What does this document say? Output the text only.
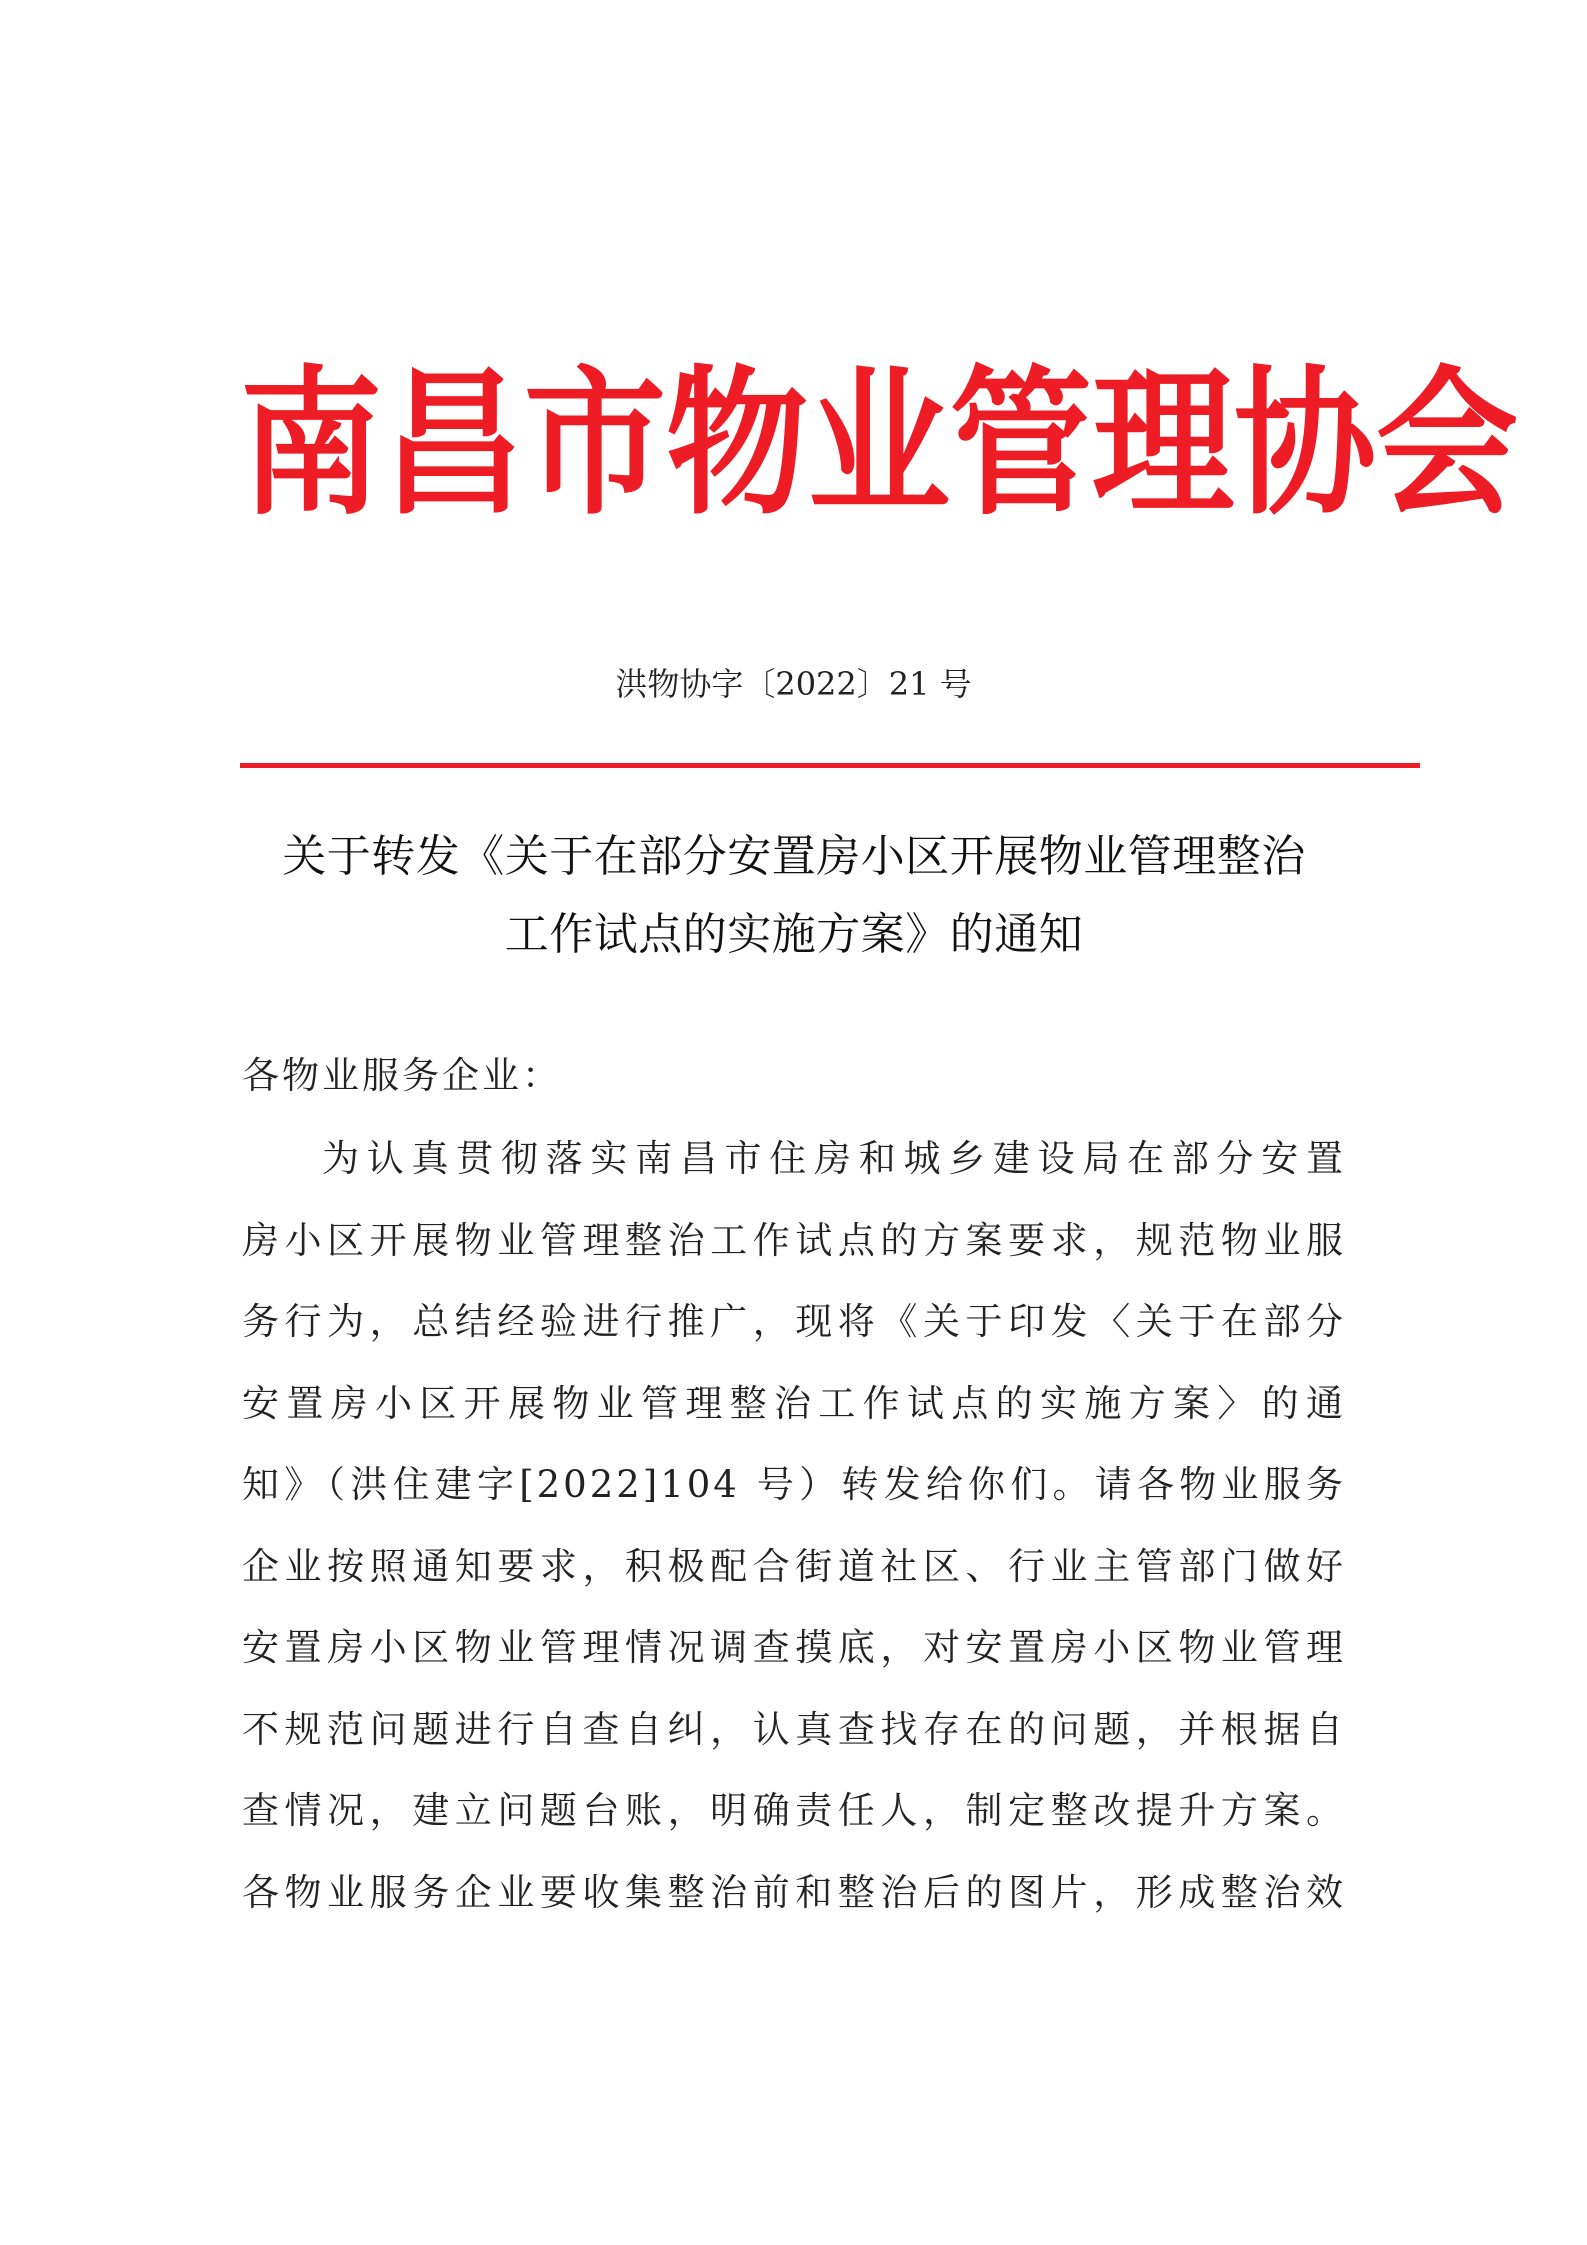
南昌市物业管理协会
洪物协字〔2022〕21 号
关于转发《关于在部分安置房小区开展物业管理整治
工作试点的实施方案》的通知
各物业服务企业：
为认真贯彻落实南昌市住房和城乡建设局在部分安置
房小区开展物业管理整治工作试点的方案要求，规范物业服
务行为，总结经验进行推广，现将《关于印发〈关于在部分
安置房小区开展物业管理整治工作试点的实施方案〉的通
知》（洪住建字[2022]104 号）转发给你们。请各物业服务
企业按照通知要求，积极配合街道社区、行业主管部门做好
安置房小区物业管理情况调查摸底，对安置房小区物业管理
不规范问题进行自查自纠，认真查找存在的问题，并根据自
查情况，建立问题台账，明确责任人，制定整改提升方案。
各物业服务企业要收集整治前和整治后的图片，形成整治效
